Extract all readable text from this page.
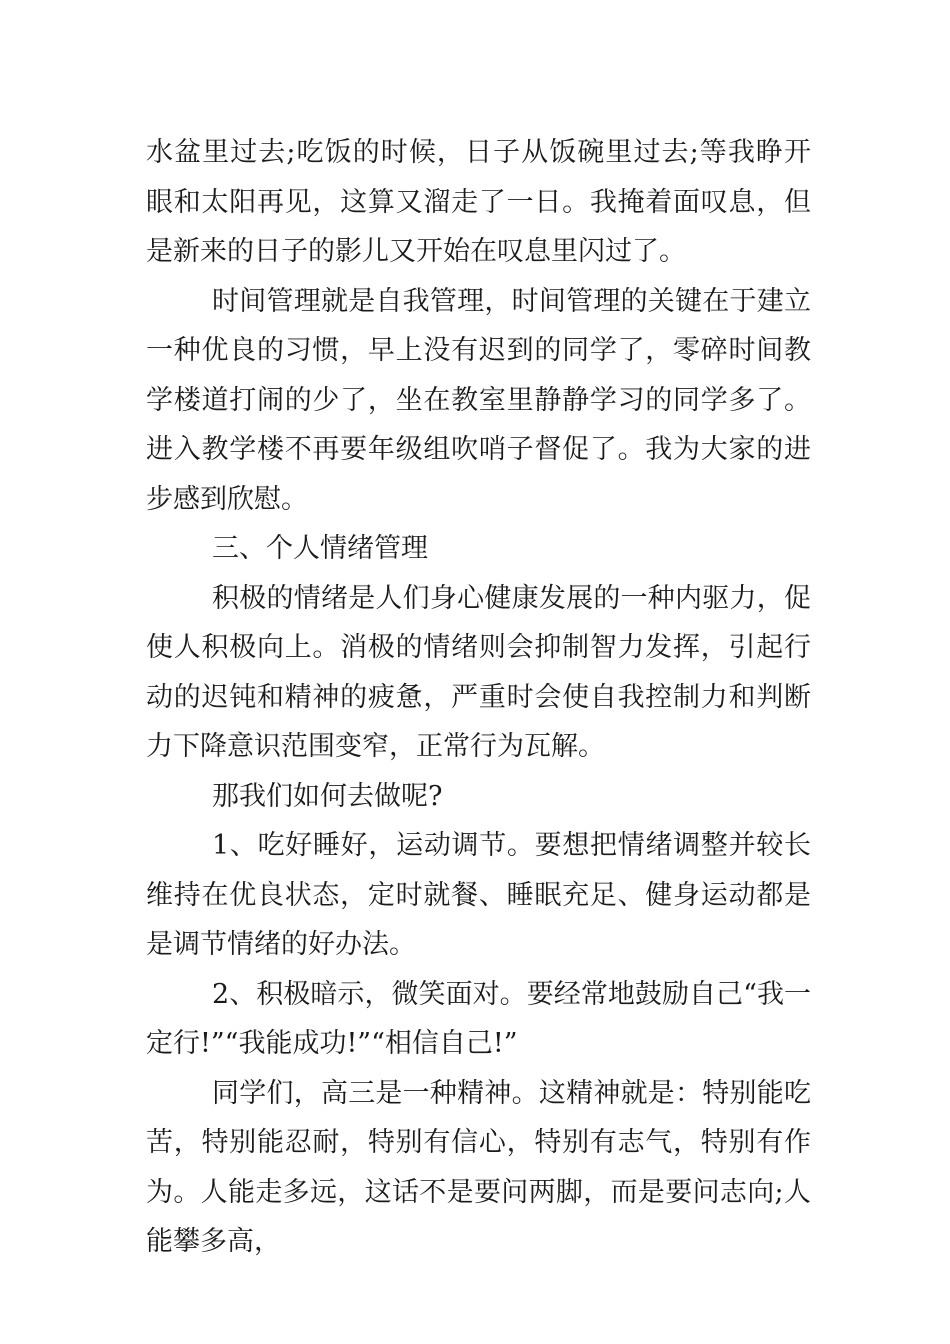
水盆里过去;吃饭的时候，日子从饭碗里过去;等我睁开眼和太阳再见，这算又溜走了一日。我掩着面叹息，但是新来的日子的影儿又开始在叹息里闪过了。

时间管理就是自我管理，时间管理的关键在于建立一种优良的习惯，早上没有迟到的同学了，零碎时间教学楼道打闹的少了，坐在教室里静静学习的同学多了。进入教学楼不再要年级组吹哨子督促了。我为大家的进步感到欣慰。

三、个人情绪管理

积极的情绪是人们身心健康发展的一种内驱力，促使人积极向上。消极的情绪则会抑制智力发挥，引起行动的迟钝和精神的疲惫，严重时会使自我控制力和判断力下降意识范围变窄，正常行为瓦解。

那我们如何去做呢?

1、吃好睡好，运动调节。要想把情绪调整并较长维持在优良状态，定时就餐、睡眠充足、健身运动都是是调节情绪的好办法。

2、积极暗示，微笑面对。要经常地鼓励自己“我一定行!”“我能成功!”“相信自己!”

同学们，高三是一种精神。这精神就是：特别能吃苦，特别能忍耐，特别有信心，特别有志气，特别有作为。人能走多远，这话不是要问两脚，而是要问志向;人能攀多高，
